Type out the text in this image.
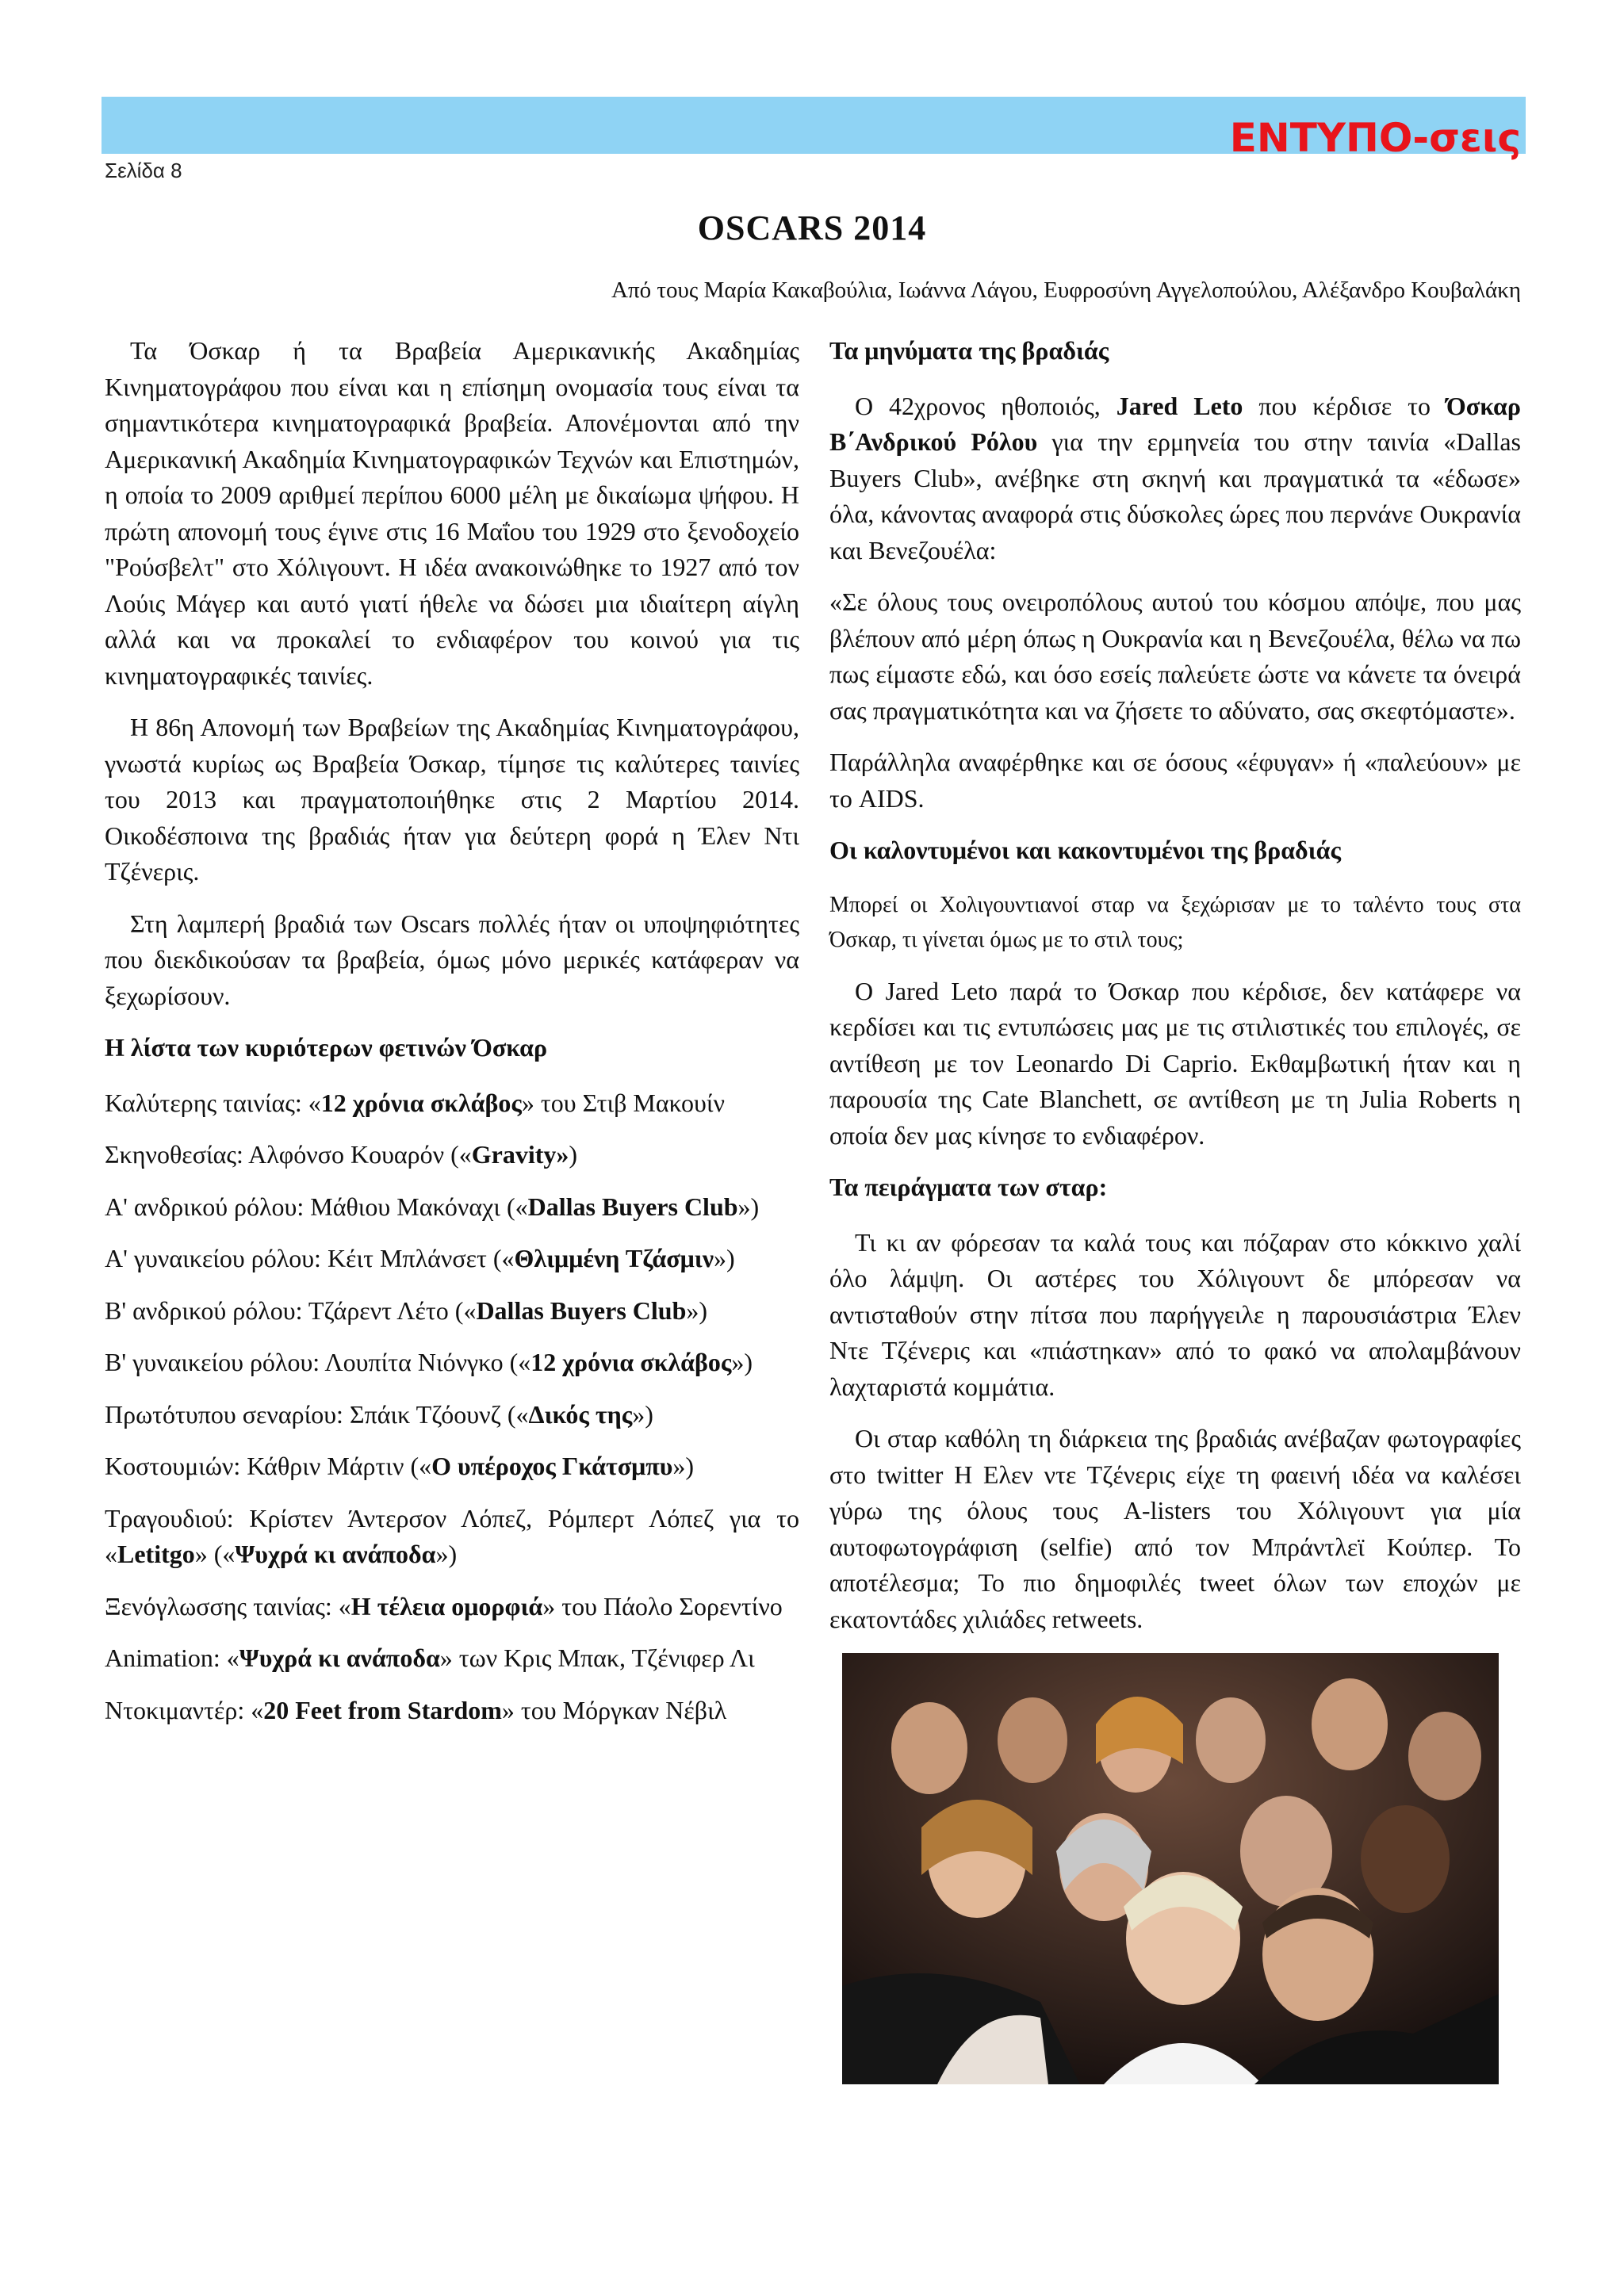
ΕΝΤΥΠΟ-σεις
Σελίδα 8
OSCARS 2014
Από τους Μαρία Κακαβούλια, Ιωάννα Λάγου, Ευφροσύνη Αγγελοπούλου, Αλέξανδρο Κουβαλάκη

Τα Όσκαρ ή τα Βραβεία Αμερικανικής Ακαδημίας Κινηματογράφου που είναι και η επίσημη ονομασία τους είναι τα σημαντικότερα κινηματογραφικά βραβεία. Απονέμονται από την Αμερικανική Ακαδημία Κινηματογραφικών Τεχνών και Επιστημών, η οποία το 2009 αριθμεί περίπου 6000 μέλη με δικαίωμα ψήφου. Η πρώτη απονομή τους έγινε στις 16 Μαΐου του 1929 στο ξενοδοχείο "Ρούσβελτ" στο Χόλιγουντ. Η ιδέα ανακοινώθηκε το 1927 από τον Λούις Μάγερ και αυτό γιατί ήθελε να δώσει μια ιδιαίτερη αίγλη αλλά και να προκαλεί το ενδιαφέρον του κοινού για τις κινηματογραφικές ταινίες.

Η 86η Απονομή των Βραβείων της Ακαδημίας Κινηματογράφου, γνωστά κυρίως ως Βραβεία Όσκαρ, τίμησε τις καλύτερες ταινίες του 2013 και πραγματοποιήθηκε στις 2 Μαρτίου 2014. Οικοδέσποινα της βραδιάς ήταν για δεύτερη φορά η Έλεν Ντι Τζένερις.

Στη λαμπερή βραδιά των Oscars πολλές ήταν οι υποψηφιότητες που διεκδικούσαν τα βραβεία, όμως μόνο μερικές κατάφεραν να ξεχωρίσουν.

Η λίστα των κυριότερων φετινών Όσκαρ

Καλύτερης ταινίας: «12 χρόνια σκλάβος» του Στιβ Μακουίν

Σκηνοθεσίας: Αλφόνσο Κουαρόν («Gravity»)

Α' ανδρικού ρόλου: Μάθιου Μακόναχι («Dallas Buyers Club»)

Α' γυναικείου ρόλου: Κέιτ Μπλάνσετ («Θλιμμένη Τζάσμιν»)

Β' ανδρικού ρόλου: Τζάρεντ Λέτο («Dallas Buyers Club»)

Β' γυναικείου ρόλου: Λουπίτα Νιόνγκο («12 χρόνια σκλάβος»)

Πρωτότυπου σεναρίου: Σπάικ Τζόουνζ («Δικός της»)

Κοστουμιών: Κάθριν Μάρτιν («Ο υπέροχος Γκάτσμπυ»)

Τραγουδιού: Κρίστεν Άντερσον Λόπεζ, Ρόμπερτ Λόπεζ για το «Letitgo» («Ψυχρά κι ανάποδα»)

Ξενόγλωσσης ταινίας: «Η τέλεια ομορφιά» του Πάολο Σορεντίνο

Animation: «Ψυχρά κι ανάποδα» των Κρις Μπακ, Τζένιφερ Λι

Ντοκιμαντέρ: «20 Feet from Stardom» του Μόργκαν Νέβιλ

Τα μηνύματα της βραδιάς

Ο 42χρονος ηθοποιός, Jared Leto που κέρδισε το Όσκαρ Β΄Ανδρικού Ρόλου για την ερμηνεία του στην ταινία «Dallas Buyers Club», ανέβηκε στη σκηνή και πραγματικά τα «έδωσε» όλα, κάνοντας αναφορά στις δύσκολες ώρες που περνάνε Ουκρανία και Βενεζουέλα:

«Σε όλους τους ονειροπόλους αυτού του κόσμου απόψε, που μας βλέπουν από μέρη όπως η Ουκρανία και η Βενεζουέλα, θέλω να πω πως είμαστε εδώ, και όσο εσείς παλεύετε ώστε να κάνετε τα όνειρά σας πραγματικότητα και να ζήσετε το αδύνατο, σας σκεφτόμαστε».

Παράλληλα αναφέρθηκε και σε όσους «έφυγαν» ή «παλεύουν» με το AIDS.

Οι καλοντυμένοι και κακοντυμένοι της βραδιάς

Μπορεί οι Χολιγουντιανοί σταρ να ξεχώρισαν με το ταλέντο τους στα Όσκαρ, τι γίνεται όμως με το στιλ τους;

Ο Jared Leto παρά το Όσκαρ που κέρδισε, δεν κατάφερε να κερδίσει και τις εντυπώσεις μας με τις στιλιστικές του επιλογές, σε αντίθεση με τον Leonardo Di Caprio. Εκθαμβωτική ήταν και η παρουσία της Cate Blanchett, σε αντίθεση με τη Julia Roberts η οποία δεν μας κίνησε το ενδιαφέρον.

Τα πειράγματα των σταρ:

Τι κι αν φόρεσαν τα καλά τους και πόζαραν στο κόκκινο χαλί όλο λάμψη. Οι αστέρες του Χόλιγουντ δε μπόρεσαν να αντισταθούν στην πίτσα που παρήγγειλε η παρουσιάστρια Έλεν Ντε Τζένερις και «πιάστηκαν» από το φακό να απολαμβάνουν λαχταριστά κομμάτια.

Οι σταρ καθόλη τη διάρκεια της βραδιάς ανέβαζαν φωτογραφίες στο twitter Η Ελεν ντε Τζένερις είχε τη φαεινή ιδέα να καλέσει γύρω της όλους τους A-listers του Χόλιγουντ για μία αυτοφωτογράφιση (selfie) από τον Μπράντλεϊ Κούπερ. Το αποτέλεσμα; Το πιο δημοφιλές tweet όλων των εποχών με εκατοντάδες χιλιάδες retweets.
